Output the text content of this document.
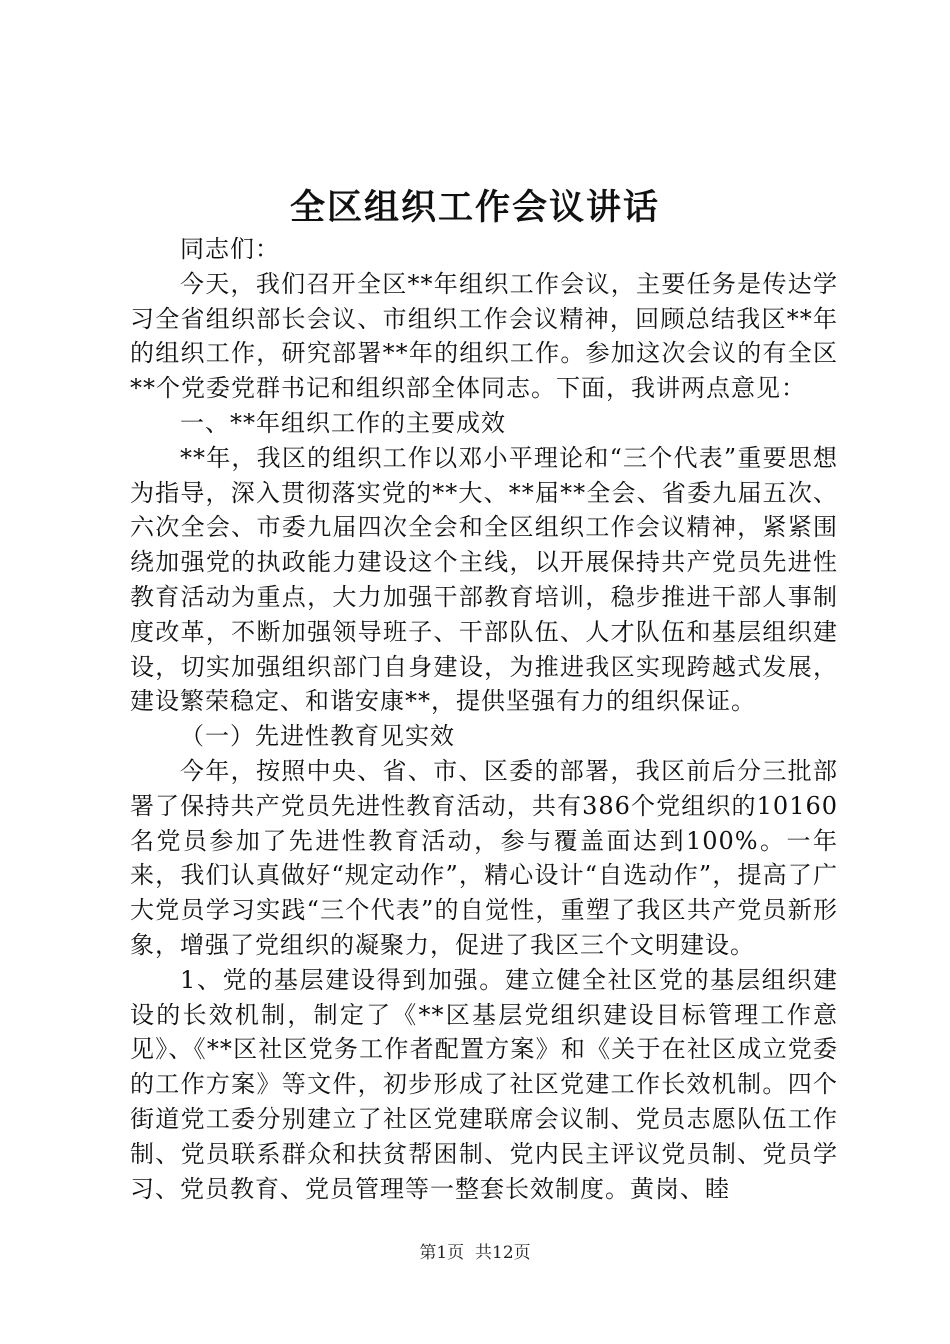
全区组织工作会议讲话

同志们：

今天，我们召开全区**年组织工作会议，主要任务是传达学习全省组织部长会议、市组织工作会议精神，回顾总结我区**年的组织工作，研究部署**年的组织工作。参加这次会议的有全区**个党委党群书记和组织部全体同志。下面，我讲两点意见：

一、**年组织工作的主要成效

**年，我区的组织工作以邓小平理论和“三个代表”重要思想为指导，深入贯彻落实党的**大、**届**全会、省委九届五次、六次全会、市委九届四次全会和全区组织工作会议精神，紧紧围绕加强党的执政能力建设这个主线，以开展保持共产党员先进性教育活动为重点，大力加强干部教育培训，稳步推进干部人事制度改革，不断加强领导班子、干部队伍、人才队伍和基层组织建设，切实加强组织部门自身建设，为推进我区实现跨越式发展，建设繁荣稳定、和谐安康**，提供坚强有力的组织保证。

（一）先进性教育见实效

今年，按照中央、省、市、区委的部署，我区前后分三批部署了保持共产党员先进性教育活动，共有386个党组织的10160名党员参加了先进性教育活动，参与覆盖面达到100%。一年来，我们认真做好“规定动作”，精心设计“自选动作”，提高了广大党员学习实践“三个代表”的自觉性，重塑了我区共产党员新形象，增强了党组织的凝聚力，促进了我区三个文明建设。

1、党的基层建设得到加强。建立健全社区党的基层组织建设的长效机制，制定了《**区基层党组织建设目标管理工作意见》、《**区社区党务工作者配置方案》和《关于在社区成立党委的工作方案》等文件，初步形成了社区党建工作长效机制。四个街道党工委分别建立了社区党建联席会议制、党员志愿队伍工作制、党员联系群众和扶贫帮困制、党内民主评议党员制、党员学习、党员教育、党员管理等一整套长效制度。黄岗、睦

第1页 共12页
